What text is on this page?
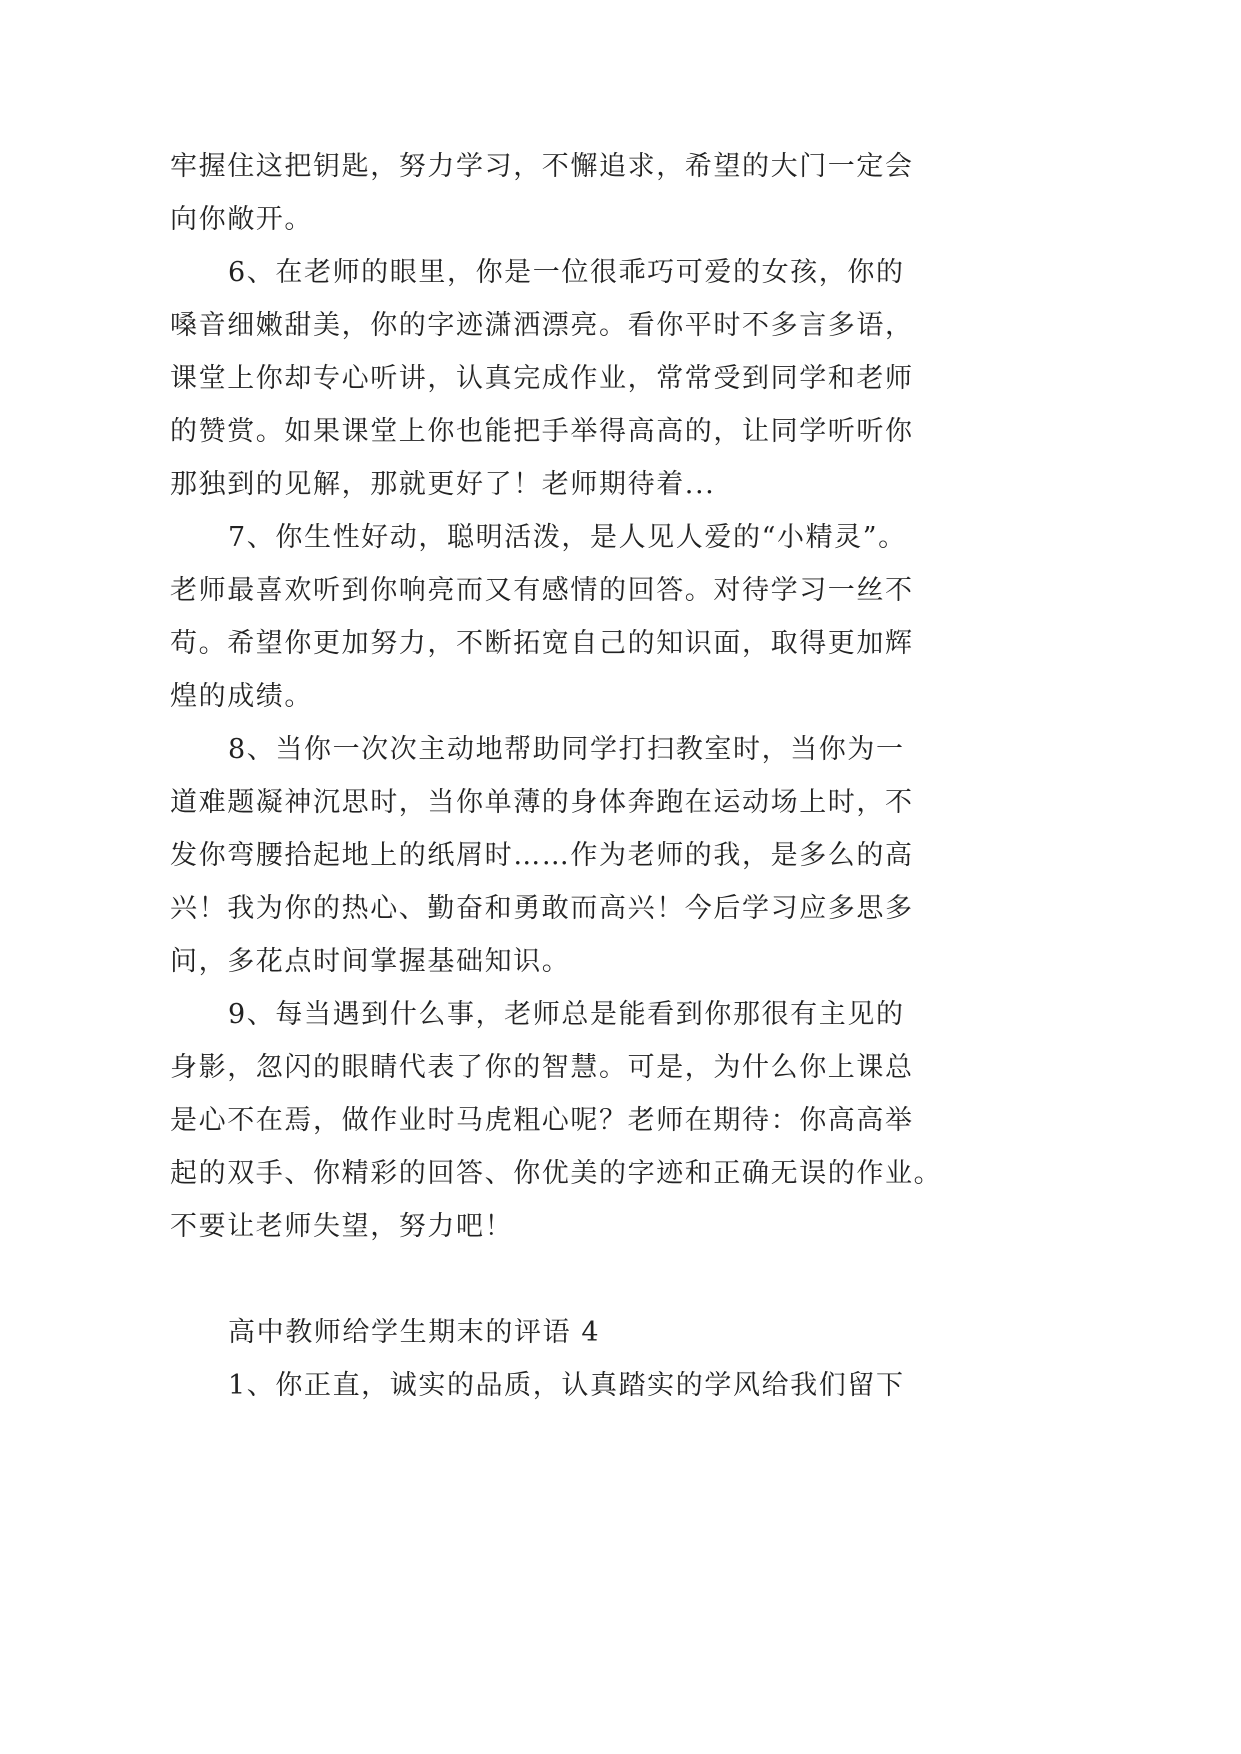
牢握住这把钥匙，努力学习，不懈追求，希望的大门一定会
向你敞开。
6、在老师的眼里，你是一位很乖巧可爱的女孩，你的
嗓音细嫩甜美，你的字迹潇洒漂亮。看你平时不多言多语，
课堂上你却专心听讲，认真完成作业，常常受到同学和老师
的赞赏。如果课堂上你也能把手举得高高的，让同学听听你
那独到的见解，那就更好了！老师期待着...
7、你生性好动，聪明活泼，是人见人爱的“小精灵”。
老师最喜欢听到你响亮而又有感情的回答。对待学习一丝不
苟。希望你更加努力，不断拓宽自己的知识面，取得更加辉
煌的成绩。
8、当你一次次主动地帮助同学打扫教室时，当你为一
道难题凝神沉思时，当你单薄的身体奔跑在运动场上时，不
发你弯腰拾起地上的纸屑时……作为老师的我，是多么的高
兴！我为你的热心、勤奋和勇敢而高兴！今后学习应多思多
问，多花点时间掌握基础知识。
9、每当遇到什么事，老师总是能看到你那很有主见的
身影，忽闪的眼睛代表了你的智慧。可是，为什么你上课总
是心不在焉，做作业时马虎粗心呢？老师在期待：你高高举
起的双手、你精彩的回答、你优美的字迹和正确无误的作业。
不要让老师失望，努力吧！
高中教师给学生期末的评语 4
1、你正直，诚实的品质，认真踏实的学风给我们留下
